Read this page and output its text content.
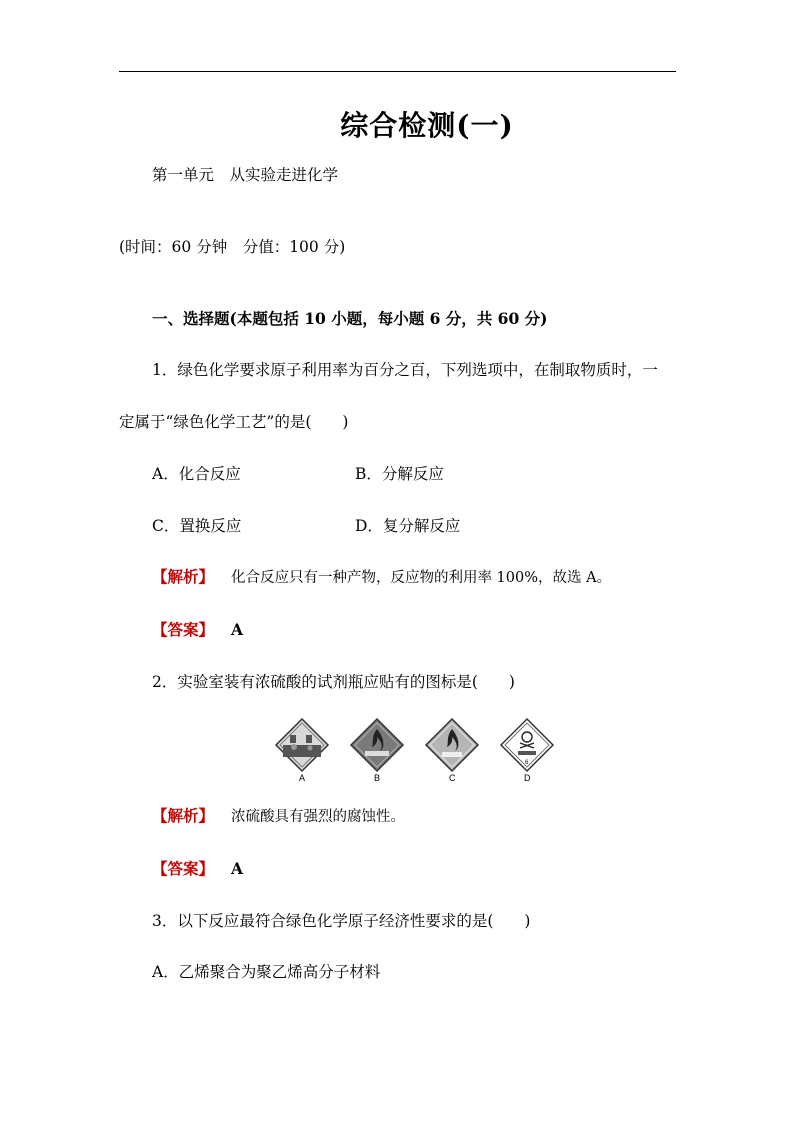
综合检测(一)
第一单元　从实验走进化学
(时间：60 分钟　分值：100 分)
一、选择题(本题包括 10 小题，每小题 6 分，共 60 分)
1．绿色化学要求原子利用率为百分之百，下列选项中，在制取物质时，一
定属于“绿色化学工艺”的是(　　)
A．化合反应	B．分解反应
C．置换反应	D．复分解反应
【解析】 化合反应只有一种产物，反应物的利用率 100%，故选 A。
【答案】 A
2．实验室装有浓硫酸的试剂瓶应贴有的图标是(　　)
A	B	C
6
D
【解析】 浓硫酸具有强烈的腐蚀性。
【答案】 A
3．以下反应最符合绿色化学原子经济性要求的是(　　)
A．乙烯聚合为聚乙烯高分子材料
